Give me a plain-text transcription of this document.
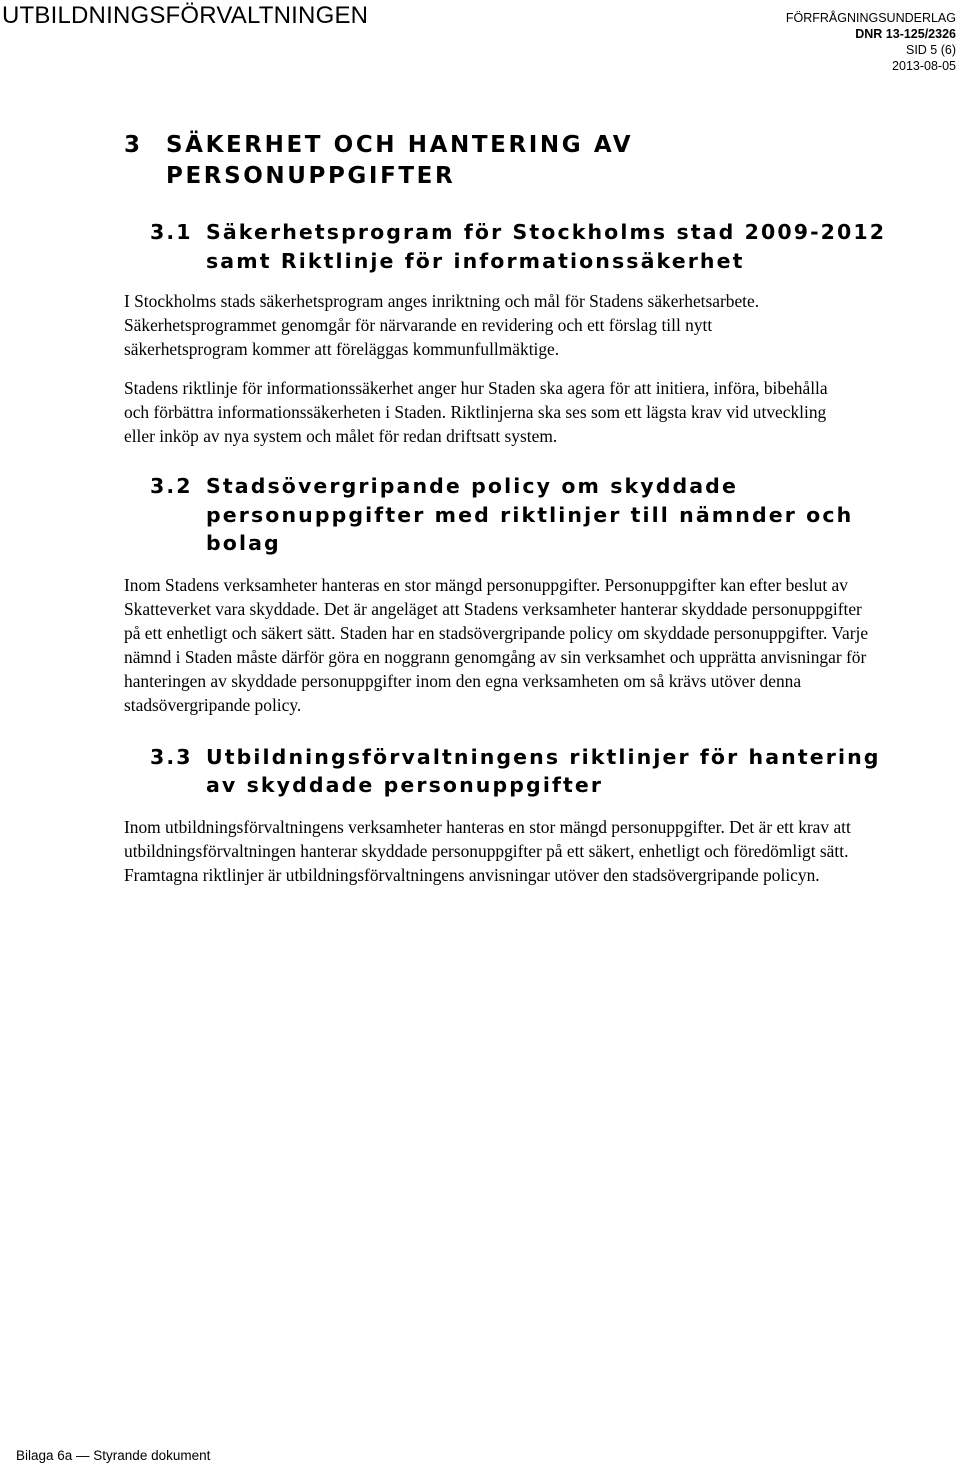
UTBILDNINGSFÖRVALTNINGEN	FÖRFRÅGNINGSUNDERLAG
DNR 13-125/2326
SID 5 (6)
2013-08-05
3	SÄKERHET OCH HANTERING AV PERSONUPPGIFTER
3.1 Säkerhetsprogram för Stockholms stad 2009-2012 samt Riktlinje för informationssäkerhet

I Stockholms stads säkerhetsprogram anges inriktning och mål för Stadens säkerhetsarbete. Säkerhetsprogrammet genomgår för närvarande en revidering och ett förslag till nytt säkerhetsprogram kommer att föreläggas kommunfullmäktige.

Stadens riktlinje för informationssäkerhet anger hur Staden ska agera för att initiera, införa, bibehålla och förbättra informationssäkerheten i Staden. Riktlinjerna ska ses som ett lägsta krav vid utveckling eller inköp av nya system och målet för redan driftsatt system.

3.2 Stadsövergripande policy om skyddade personuppgifter med riktlinjer till nämnder och bolag

Inom Stadens verksamheter hanteras en stor mängd personuppgifter. Personuppgifter kan efter beslut av Skatteverket vara skyddade. Det är angeläget att Stadens verksamheter hanterar skyddade personuppgifter på ett enhetligt och säkert sätt. Staden har en stadsövergripande policy om skyddade personuppgifter. Varje nämnd i Staden måste därför göra en noggrann genomgång av sin verksamhet och upprätta anvisningar för hanteringen av skyddade personuppgifter inom den egna verksamheten om så krävs utöver denna stadsövergripande policy.

3.3 Utbildningsförvaltningens riktlinjer för hantering av skyddade personuppgifter

Inom utbildningsförvaltningens verksamheter hanteras en stor mängd personuppgifter. Det är ett krav att utbildningsförvaltningen hanterar skyddade personuppgifter på ett säkert, enhetligt och föredömligt sätt. Framtagna riktlinjer är utbildningsförvaltningens anvisningar utöver den stadsövergripande policyn.

Bilaga 6a — Styrande dokument
